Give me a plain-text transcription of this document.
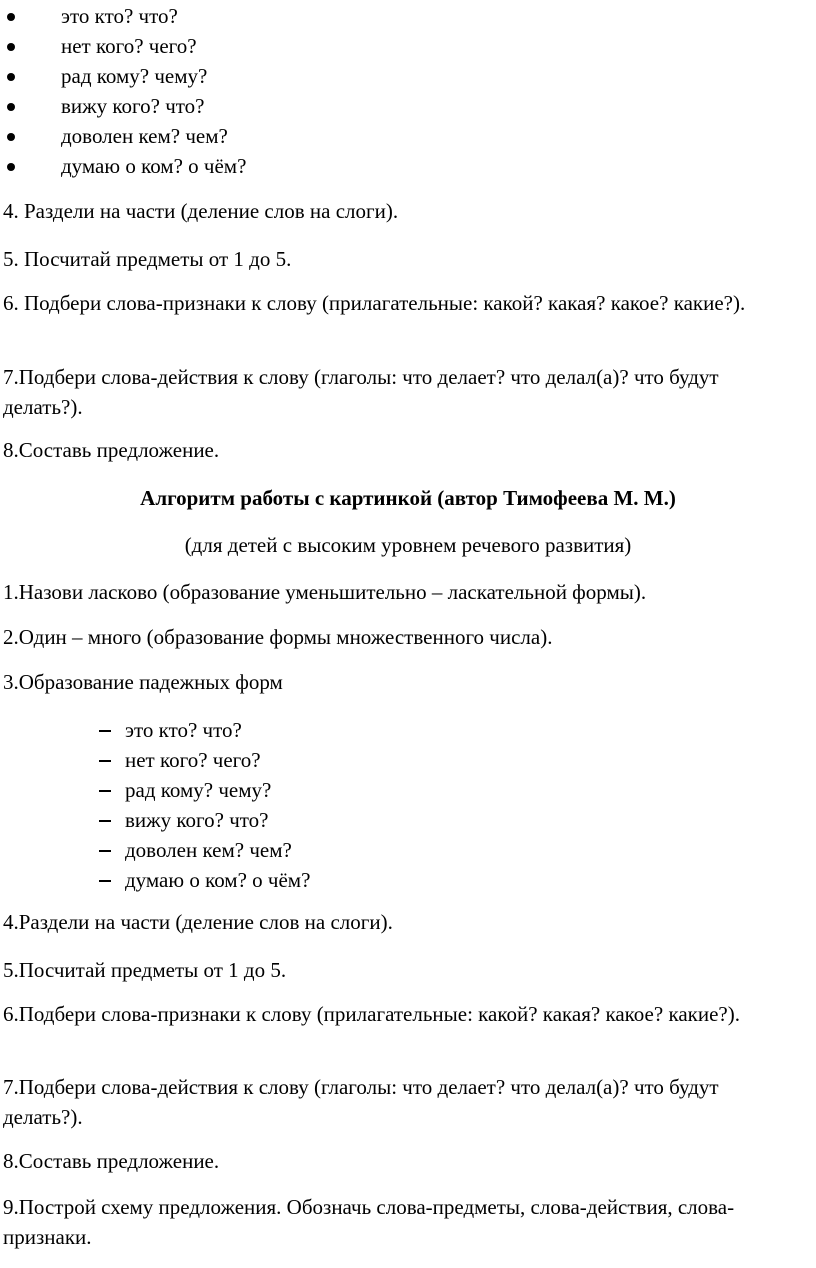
это кто? что?
нет кого? чего?
рад кому? чему?
вижу кого? что?
доволен кем? чем?
думаю о ком? о чём?

4. Раздели на части (деление слов на слоги).

5. Посчитай предметы от 1 до 5.

6. Подбери слова-признаки к слову (прилагательные: какой? какая? какое? какие?).

7.Подбери слова-действия к слову (глаголы: что делает? что делал(а)? что будут делать?).

8.Составь предложение.

Алгоритм работы с картинкой (автор Тимофеева М. М.)

(для детей с высоким уровнем речевого развития)

1.Назови ласково (образование уменьшительно – ласкательной формы).

2.Один – много (образование формы множественного числа).

3.Образование падежных форм

это кто? что?
нет кого? чего?
рад кому? чему?
вижу кого? что?
доволен кем? чем?
думаю о ком? о чём?

4.Раздели на части (деление слов на слоги).

5.Посчитай предметы от 1 до 5.

6.Подбери слова-признаки к слову (прилагательные: какой? какая? какое? какие?).

7.Подбери слова-действия к слову (глаголы: что делает? что делал(а)? что будут делать?).

8.Составь предложение.

9.Построй схему предложения. Обозначь слова-предметы, слова-действия, слова-признаки.
